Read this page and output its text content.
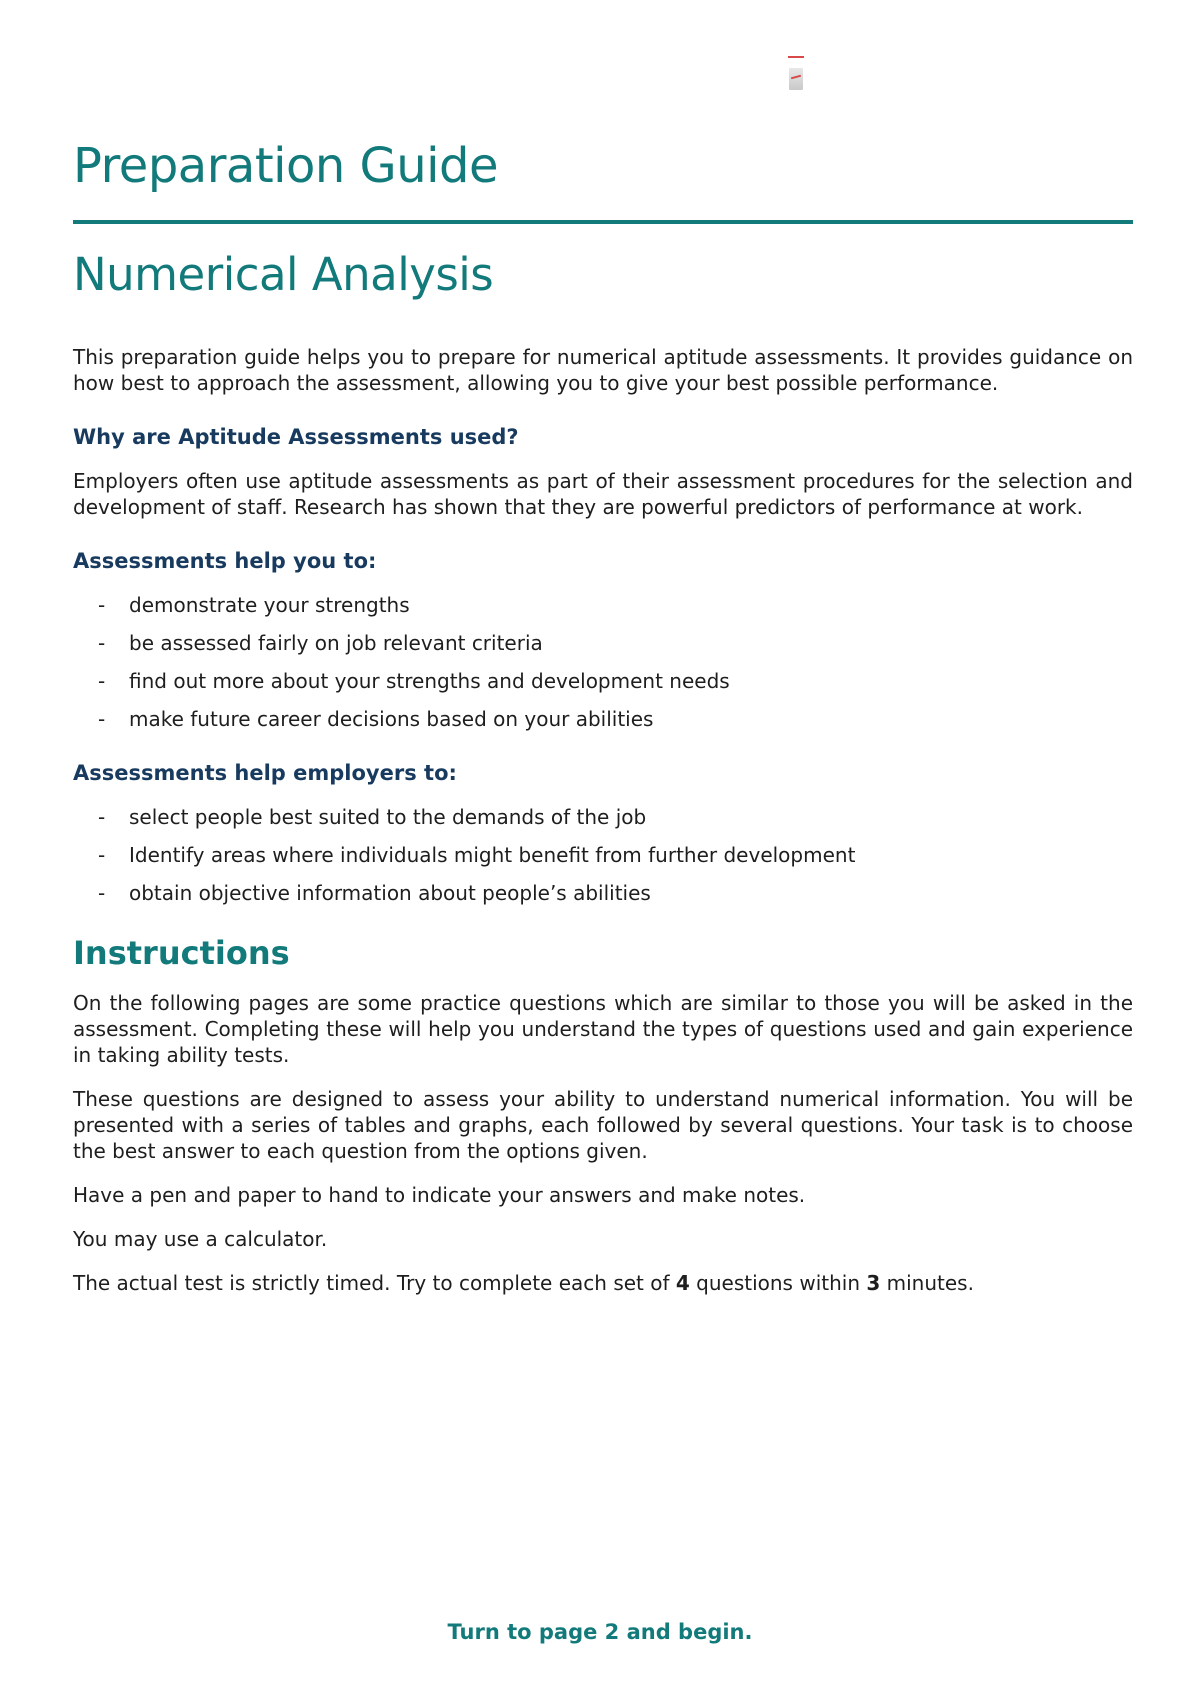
Preparation Guide
Numerical Analysis

This preparation guide helps you to prepare for numerical aptitude assessments. It provides guidance on how best to approach the assessment, allowing you to give your best possible performance.

Why are Aptitude Assessments used?

Employers often use aptitude assessments as part of their assessment procedures for the selection and development of staff. Research has shown that they are powerful predictors of performance at work.

Assessments help you to:
- demonstrate your strengths
- be assessed fairly on job relevant criteria
- find out more about your strengths and development needs
- make future career decisions based on your abilities
Assessments help employers to:
- select people best suited to the demands of the job
- Identify areas where individuals might benefit from further development
- obtain objective information about people’s abilities
Instructions

On the following pages are some practice questions which are similar to those you will be asked in the assessment. Completing these will help you understand the types of questions used and gain experience in taking ability tests.

These questions are designed to assess your ability to understand numerical information. You will be presented with a series of tables and graphs, each followed by several questions. Your task is to choose the best answer to each question from the options given.

Have a pen and paper to hand to indicate your answers and make notes.

You may use a calculator.

The actual test is strictly timed. Try to complete each set of 4 questions within 3 minutes.

Turn to page 2 and begin.
